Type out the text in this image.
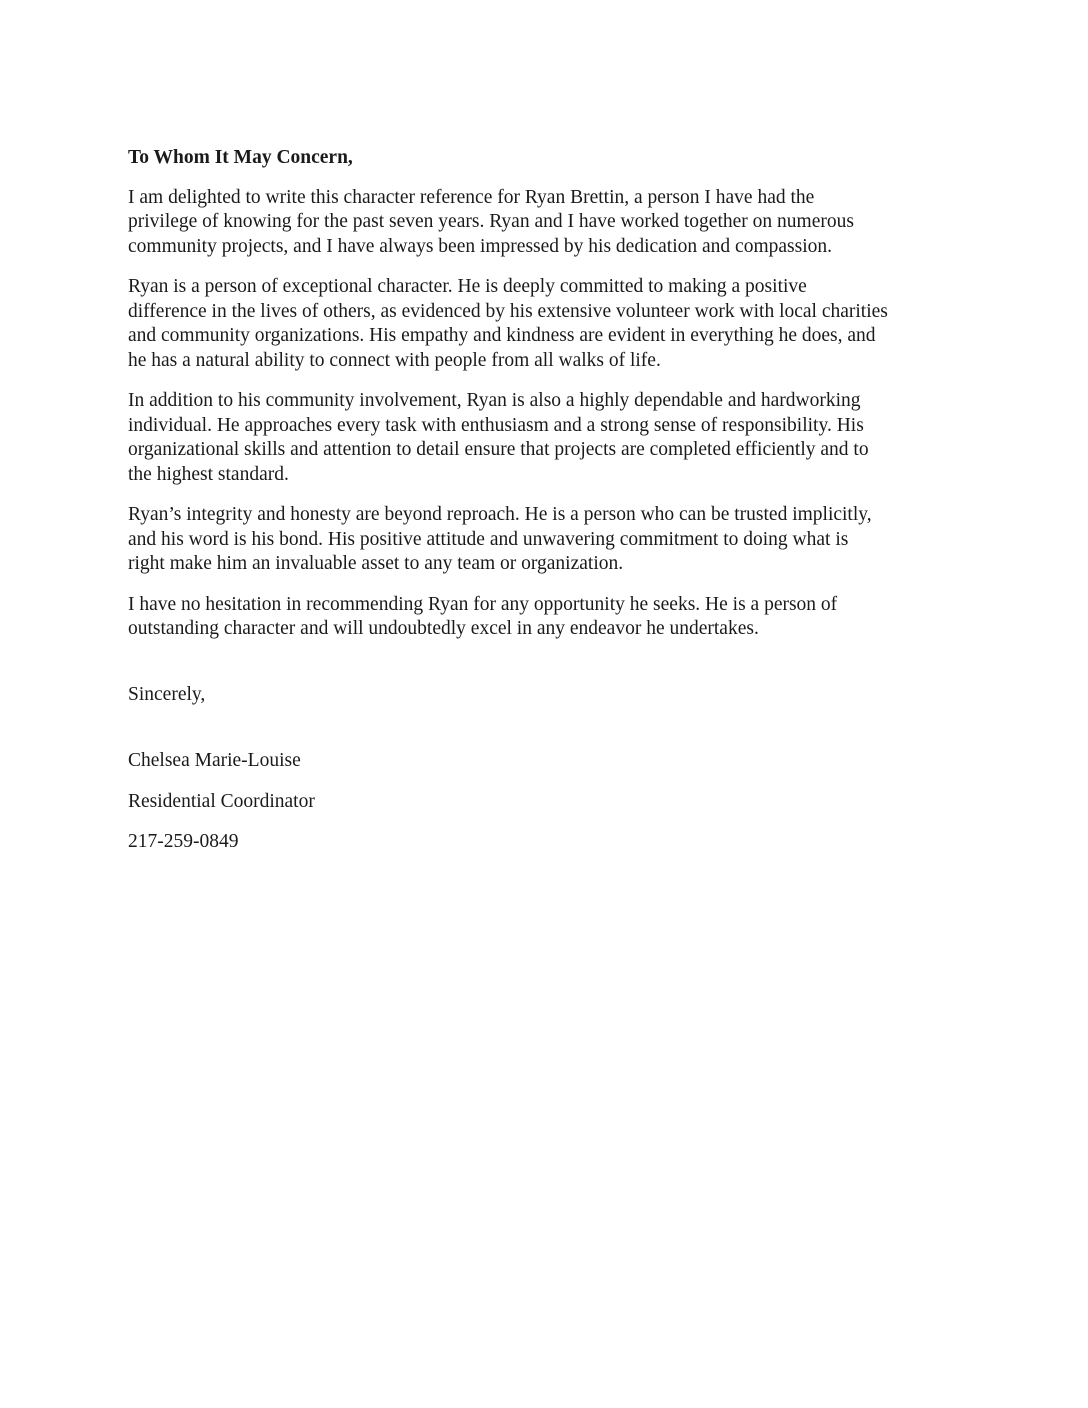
To Whom It May Concern,

I am delighted to write this character reference for Ryan Brettin, a person I have had the
privilege of knowing for the past seven years. Ryan and I have worked together on numerous
community projects, and I have always been impressed by his dedication and compassion.

Ryan is a person of exceptional character. He is deeply committed to making a positive
difference in the lives of others, as evidenced by his extensive volunteer work with local charities
and community organizations. His empathy and kindness are evident in everything he does, and
he has a natural ability to connect with people from all walks of life.

In addition to his community involvement, Ryan is also a highly dependable and hardworking
individual. He approaches every task with enthusiasm and a strong sense of responsibility. His
organizational skills and attention to detail ensure that projects are completed efficiently and to
the highest standard.

Ryan’s integrity and honesty are beyond reproach. He is a person who can be trusted implicitly,
and his word is his bond. His positive attitude and unwavering commitment to doing what is
right make him an invaluable asset to any team or organization.

I have no hesitation in recommending Ryan for any opportunity he seeks. He is a person of
outstanding character and will undoubtedly excel in any endeavor he undertakes.

Sincerely,
Chelsea Marie-Louise
Residential Coordinator
217-259-0849
